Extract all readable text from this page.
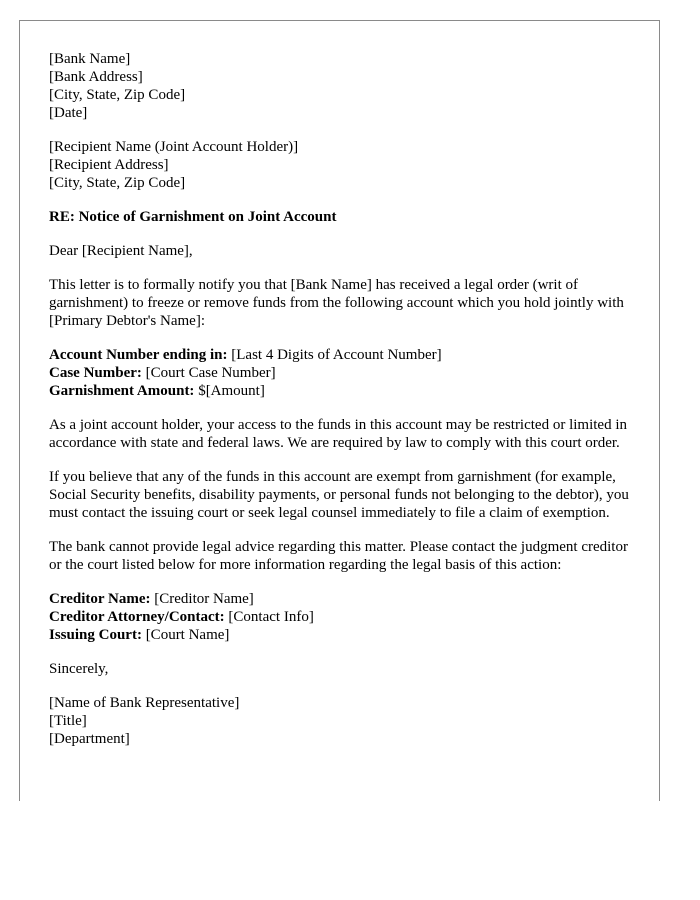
[Bank Name]
[Bank Address]
[City, State, Zip Code]
[Date]
[Recipient Name (Joint Account Holder)]
[Recipient Address]
[City, State, Zip Code]
RE: Notice of Garnishment on Joint Account
Dear [Recipient Name],
This letter is to formally notify you that [Bank Name] has received a legal order (writ of garnishment) to freeze or remove funds from the following account which you hold jointly with [Primary Debtor's Name]:
Account Number ending in: [Last 4 Digits of Account Number]
Case Number: [Court Case Number]
Garnishment Amount: $[Amount]
As a joint account holder, your access to the funds in this account may be restricted or limited in accordance with state and federal laws. We are required by law to comply with this court order.
If you believe that any of the funds in this account are exempt from garnishment (for example, Social Security benefits, disability payments, or personal funds not belonging to the debtor), you must contact the issuing court or seek legal counsel immediately to file a claim of exemption.
The bank cannot provide legal advice regarding this matter. Please contact the judgment creditor or the court listed below for more information regarding the legal basis of this action:
Creditor Name: [Creditor Name]
Creditor Attorney/Contact: [Contact Info]
Issuing Court: [Court Name]
Sincerely,
[Name of Bank Representative]
[Title]
[Department]
